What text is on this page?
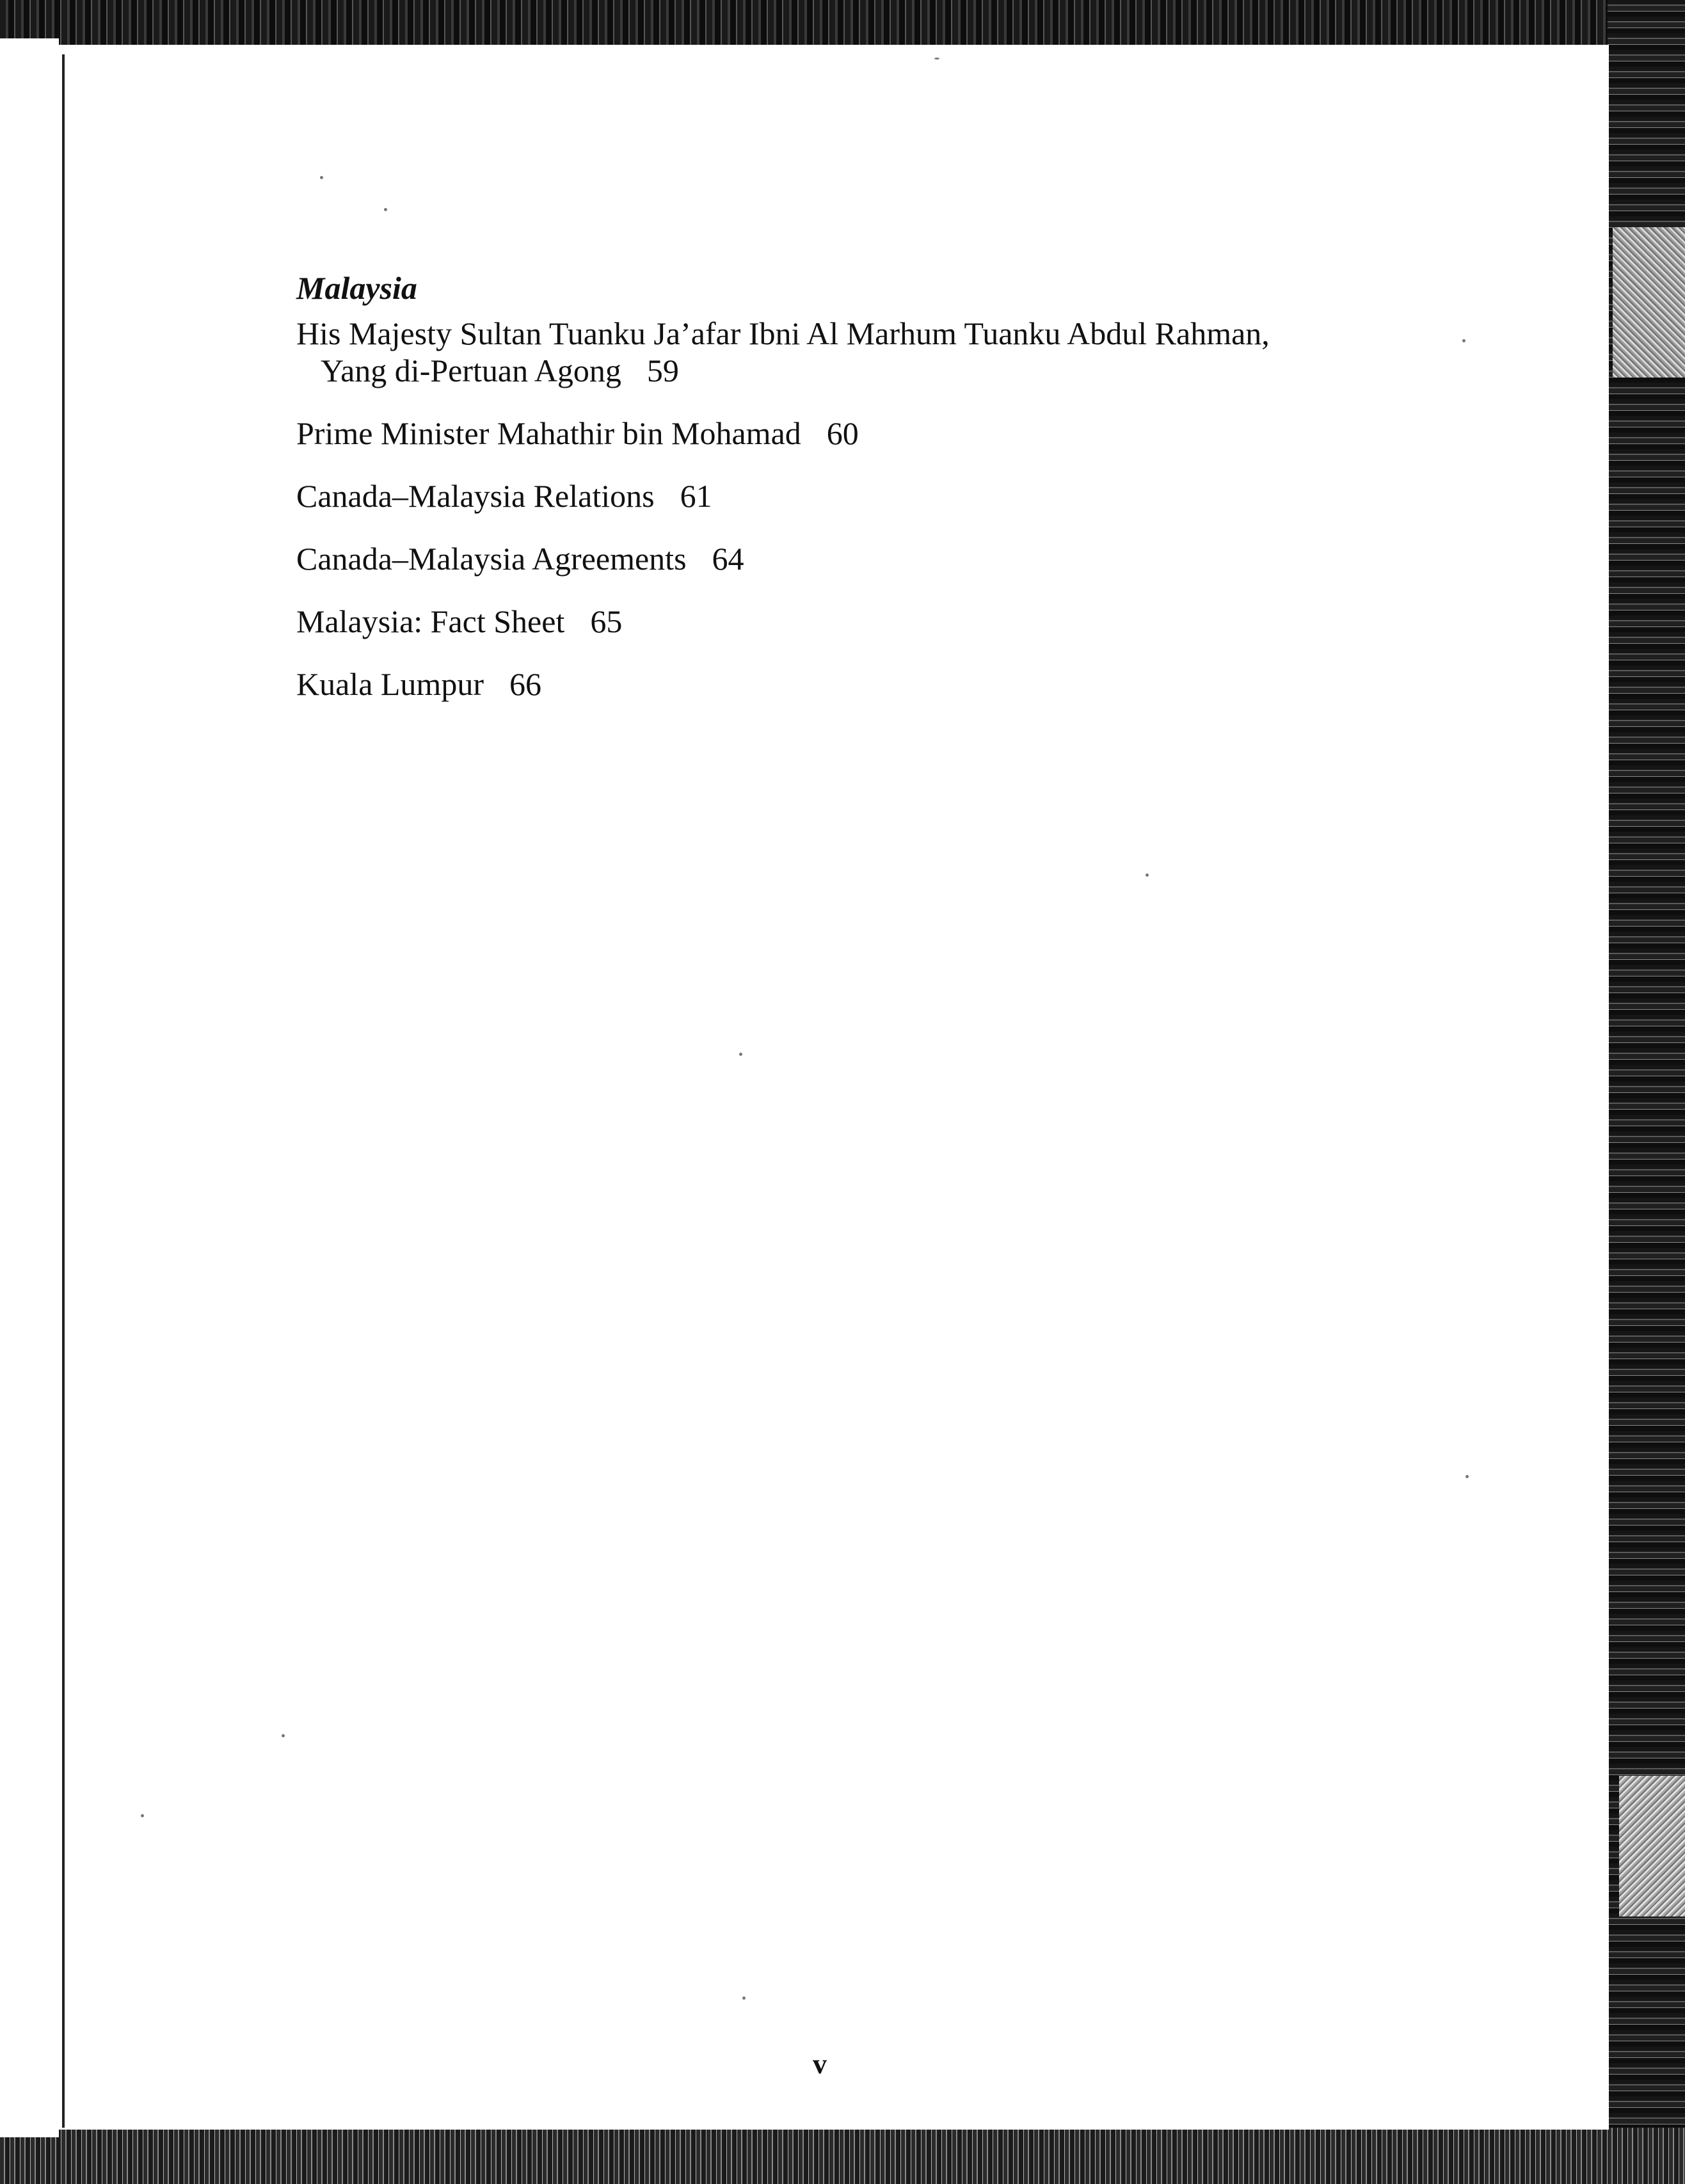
Malaysia
His Majesty Sultan Tuanku Ja’afar Ibni Al Marhum Tuanku Abdul Rahman,
Yang di-Pertuan Agong 59
Prime Minister Mahathir bin Mohamad 60
Canada–Malaysia Relations 61
Canada–Malaysia Agreements 64
Malaysia: Fact Sheet 65
Kuala Lumpur 66
v
